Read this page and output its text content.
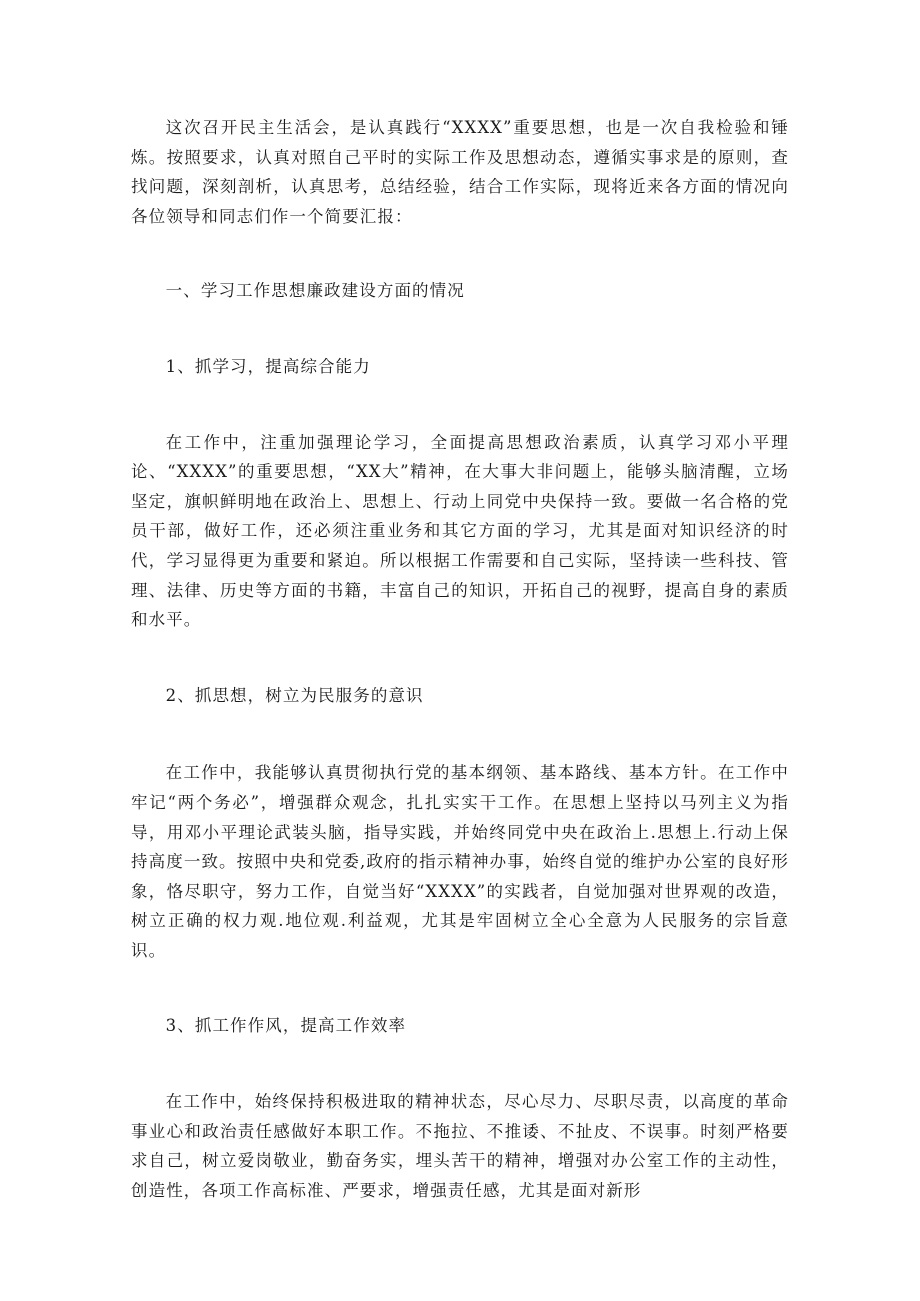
这次召开民主生活会，是认真践行“XXXX”重要思想，也是一次自我检验和锤炼。按照要求，认真对照自己平时的实际工作及思想动态，遵循实事求是的原则，查找问题，深刻剖析，认真思考，总结经验，结合工作实际，现将近来各方面的情况向各位领导和同志们作一个简要汇报：

一、学习工作思想廉政建设方面的情况

1、抓学习，提高综合能力

在工作中，注重加强理论学习，全面提高思想政治素质，认真学习邓小平理论、“XXXX”的重要思想，“XX大”精神，在大事大非问题上，能够头脑清醒，立场坚定，旗帜鲜明地在政治上、思想上、行动上同党中央保持一致。要做一名合格的党员干部，做好工作，还必须注重业务和其它方面的学习，尤其是面对知识经济的时代，学习显得更为重要和紧迫。所以根据工作需要和自己实际，坚持读一些科技、管理、法律、历史等方面的书籍，丰富自己的知识，开拓自己的视野，提高自身的素质和水平。

2、抓思想，树立为民服务的意识

在工作中，我能够认真贯彻执行党的基本纲领、基本路线、基本方针。在工作中牢记“两个务必”，增强群众观念，扎扎实实干工作。在思想上坚持以马列主义为指导，用邓小平理论武装头脑，指导实践，并始终同党中央在政治上.思想上.行动上保持高度一致。按照中央和党委,政府的指示精神办事，始终自觉的维护办公室的良好形象，恪尽职守，努力工作，自觉当好“XXXX”的实践者，自觉加强对世界观的改造，树立正确的权力观.地位观.利益观，尤其是牢固树立全心全意为人民服务的宗旨意识。

3、抓工作作风，提高工作效率

在工作中，始终保持积极进取的精神状态，尽心尽力、尽职尽责，以高度的革命事业心和政治责任感做好本职工作。不拖拉、不推诿、不扯皮、不误事。时刻严格要求自己，树立爱岗敬业，勤奋务实，埋头苦干的精神，增强对办公室工作的主动性，创造性，各项工作高标准、严要求，增强责任感，尤其是面对新形
